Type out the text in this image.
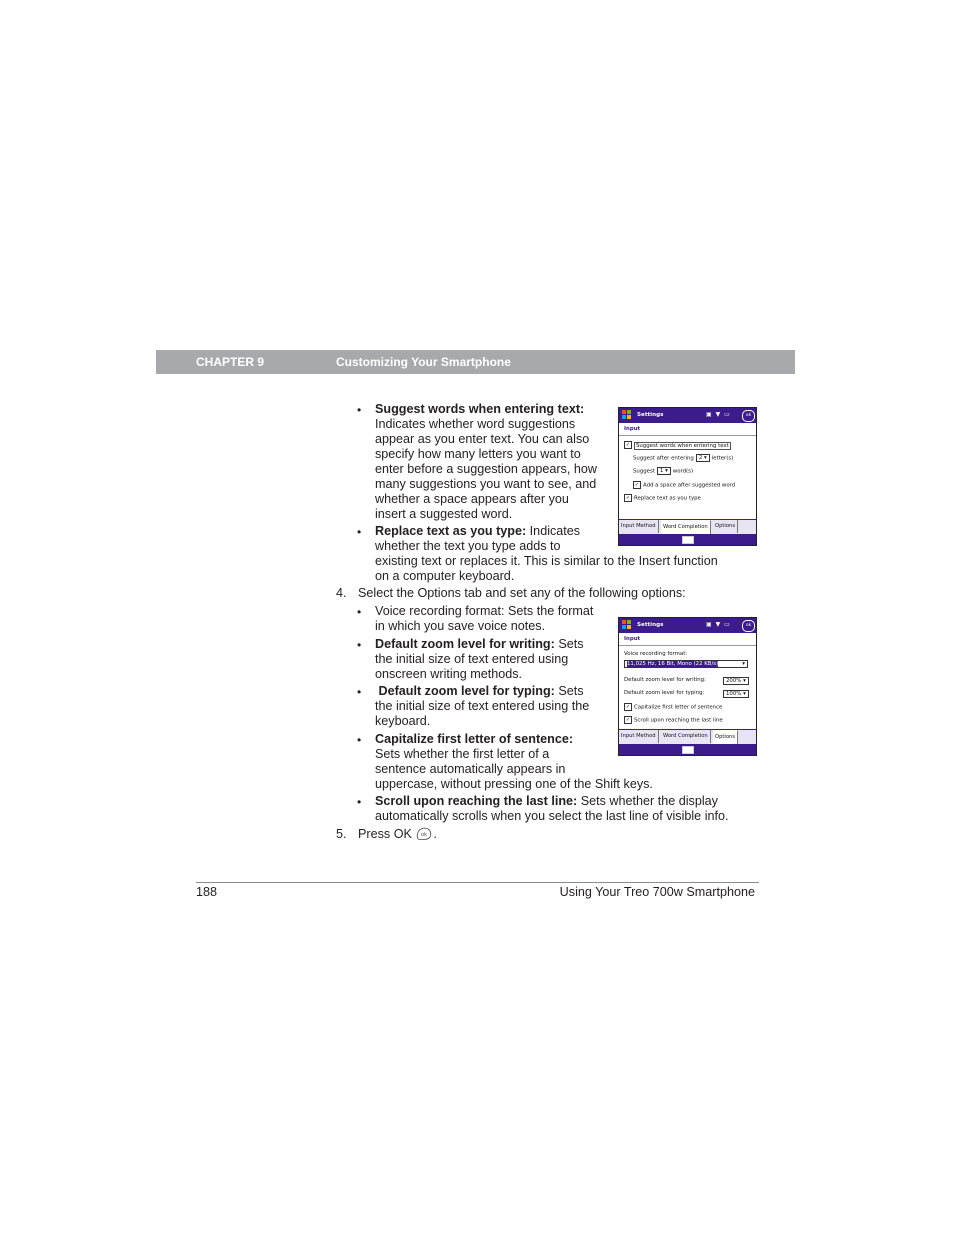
CHAPTER 9	Customizing Your Smartphone
• Suggest words when entering text:
Indicates whether word suggestions
appear as you enter text. You can also
specify how many letters you want to
enter before a suggestion appears, how
many suggestions you want to see, and
whether a space appears after you
insert a suggested word.
• Replace text as you type: Indicates
whether the text you type adds to
existing text or replaces it. This is similar to the Insert function
on a computer keyboard.
Settings	▣ ▼ ▭	ok
Input
✓ Suggest words when entering text
Suggest after entering 2 ▾ letter(s)
Suggest 1 ▾ word(s)
✓ Add a space after suggested word
✓ Replace text as you type
Input Method	Word Completion	Options
4. Select the Options tab and set any of the following options:
• Voice recording format: Sets the format
in which you save voice notes.
• Default zoom level for writing: Sets
the initial size of text entered using
onscreen writing methods.
• Default zoom level for typing: Sets
the initial size of text entered using the
keyboard.
• Capitalize first letter of sentence:
Sets whether the first letter of a
sentence automatically appears in
uppercase, without pressing one of the Shift keys.
• Scroll upon reaching the last line: Sets whether the display
automatically scrolls when you select the last line of visible info.
Settings	▣ ▼ ▭	ok
Input
Voice recording format:
11,025 Hz, 16 Bit, Mono (22 KB/s)	▾
Default zoom level for writing:	200% ▾
Default zoom level for typing:	100% ▾
✓ Capitalize first letter of sentence
✓ Scroll upon reaching the last line
Input Method	Word Completion	Options
5. Press OK ok .
188	Using Your Treo 700w Smartphone
